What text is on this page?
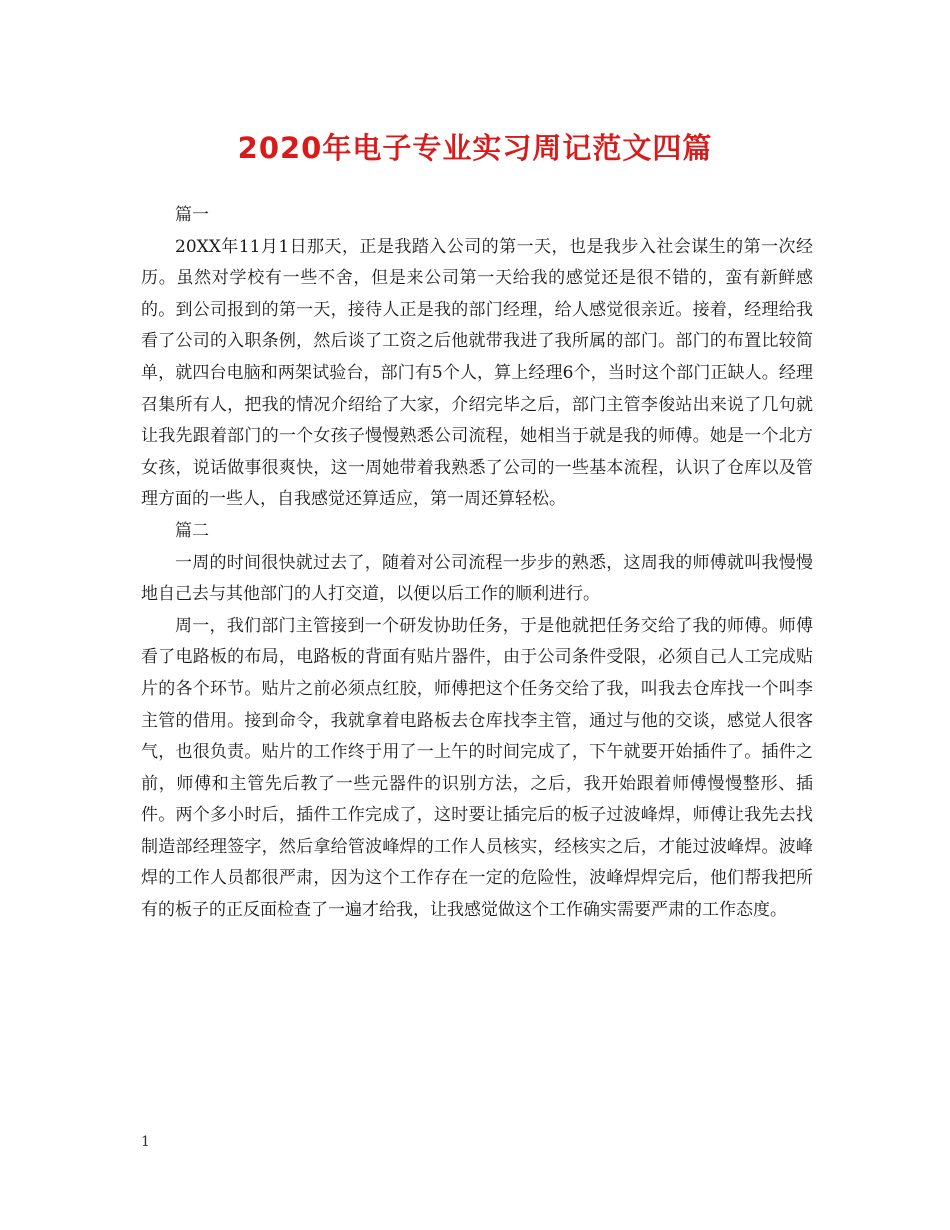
2020年电子专业实习周记范文四篇

篇一

20XX年11月1日那天，正是我踏入公司的第一天，也是我步入社会谋生的第一次经历。虽然对学校有一些不舍，但是来公司第一天给我的感觉还是很不错的，蛮有新鲜感的。到公司报到的第一天，接待人正是我的部门经理，给人感觉很亲近。接着，经理给我看了公司的入职条例，然后谈了工资之后他就带我进了我所属的部门。部门的布置比较简单，就四台电脑和两架试验台，部门有5个人，算上经理6个，当时这个部门正缺人。经理召集所有人，把我的情况介绍给了大家，介绍完毕之后，部门主管李俊站出来说了几句就让我先跟着部门的一个女孩子慢慢熟悉公司流程，她相当于就是我的师傅。她是一个北方女孩，说话做事很爽快，这一周她带着我熟悉了公司的一些基本流程，认识了仓库以及管理方面的一些人，自我感觉还算适应，第一周还算轻松。

篇二

一周的时间很快就过去了，随着对公司流程一步步的熟悉，这周我的师傅就叫我慢慢地自己去与其他部门的人打交道，以便以后工作的顺利进行。

周一，我们部门主管接到一个研发协助任务，于是他就把任务交给了我的师傅。师傅看了电路板的布局，电路板的背面有贴片器件，由于公司条件受限，必须自己人工完成贴片的各个环节。贴片之前必须点红胶，师傅把这个任务交给了我，叫我去仓库找一个叫李主管的借用。接到命令，我就拿着电路板去仓库找李主管，通过与他的交谈，感觉人很客气，也很负责。贴片的工作终于用了一上午的时间完成了，下午就要开始插件了。插件之前，师傅和主管先后教了一些元器件的识别方法，之后，我开始跟着师傅慢慢整形、插件。两个多小时后，插件工作完成了，这时要让插完后的板子过波峰焊，师傅让我先去找制造部经理签字，然后拿给管波峰焊的工作人员核实，经核实之后，才能过波峰焊。波峰焊的工作人员都很严肃，因为这个工作存在一定的危险性，波峰焊焊完后，他们帮我把所有的板子的正反面检查了一遍才给我，让我感觉做这个工作确实需要严肃的工作态度。

1
